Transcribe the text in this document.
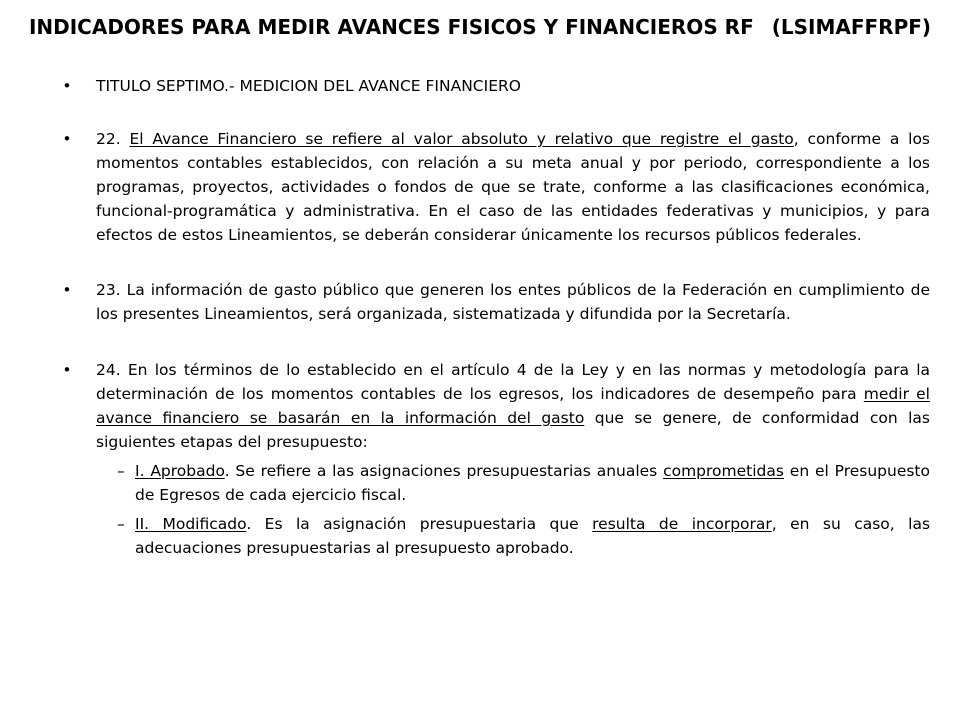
INDICADORES PARA MEDIR AVANCES FISICOS Y FINANCIEROS RF (LSIMAFFRPF)
• TITULO SEPTIMO.- MEDICION DEL AVANCE FINANCIERO
• 22. El Avance Financiero se refiere al valor absoluto y relativo que registre el gasto, conforme a los momentos contables establecidos, con relación a su meta anual y por periodo, correspondiente a los programas, proyectos, actividades o fondos de que se trate, conforme a las clasificaciones económica, funcional-programática y administrativa. En el caso de las entidades federativas y municipios, y para efectos de estos Lineamientos, se deberán considerar únicamente los recursos públicos federales.
• 23. La información de gasto público que generen los entes públicos de la Federación en cumplimiento de los presentes Lineamientos, será organizada, sistematizada y difundida por la Secretaría.
• 24. En los términos de lo establecido en el artículo 4 de la Ley y en las normas y metodología para la determinación de los momentos contables de los egresos, los indicadores de desempeño para medir el avance financiero se basarán en la información del gasto que se genere, de conformidad con las siguientes etapas del presupuesto:
– I. Aprobado. Se refiere a las asignaciones presupuestarias anuales comprometidas en el Presupuesto de Egresos de cada ejercicio fiscal.
– II. Modificado. Es la asignación presupuestaria que resulta de incorporar, en su caso, las adecuaciones presupuestarias al presupuesto aprobado.
